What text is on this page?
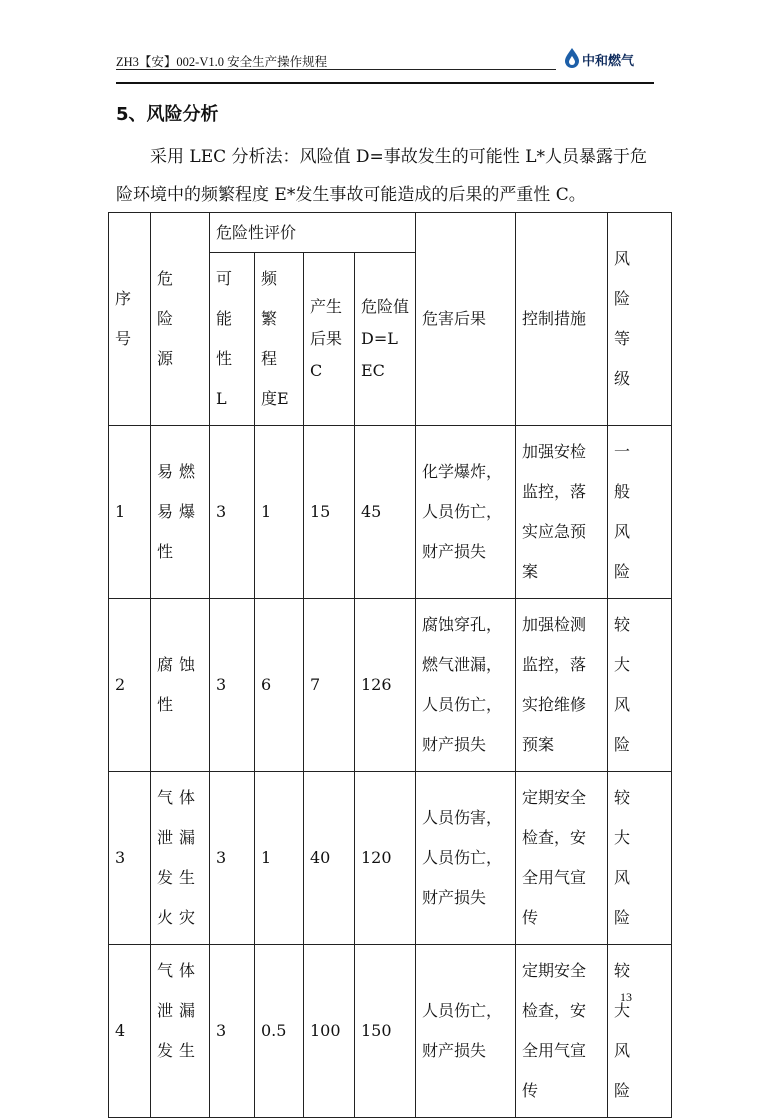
ZH3【安】002-V1.0 安全生产操作规程	中和燃气
5、风险分析
采用 LEC 分析法：风险值 D=事故发生的可能性 L*人员暴露于危
险环境中的频繁程度 E*发生事故可能造成的后果的严重性 C。
序号	危险源	危险性评价				危害后果	控制措施	风险等级

		可能性L	频繁程度E	产生后果C	危险值D=LEC			

1	易燃易爆性	3	1	15	45	化学爆炸，人员伤亡，财产损失	加强安检监控，落实应急预案	一般风险

2	腐蚀性	3	6	7	126	腐蚀穿孔，燃气泄漏，人员伤亡，财产损失	加强检测监控，落实抢维修预案	较大风险

3	气体泄漏发生火灾	3	1	40	120	人员伤害，人员伤亡，财产损失	定期安全检查，安全用气宣传	较大风险

4	气体泄漏发生	3	0.5	100	150	人员伤亡，财产损失	定期安全检查，安全用气宣传	较大风险
13
